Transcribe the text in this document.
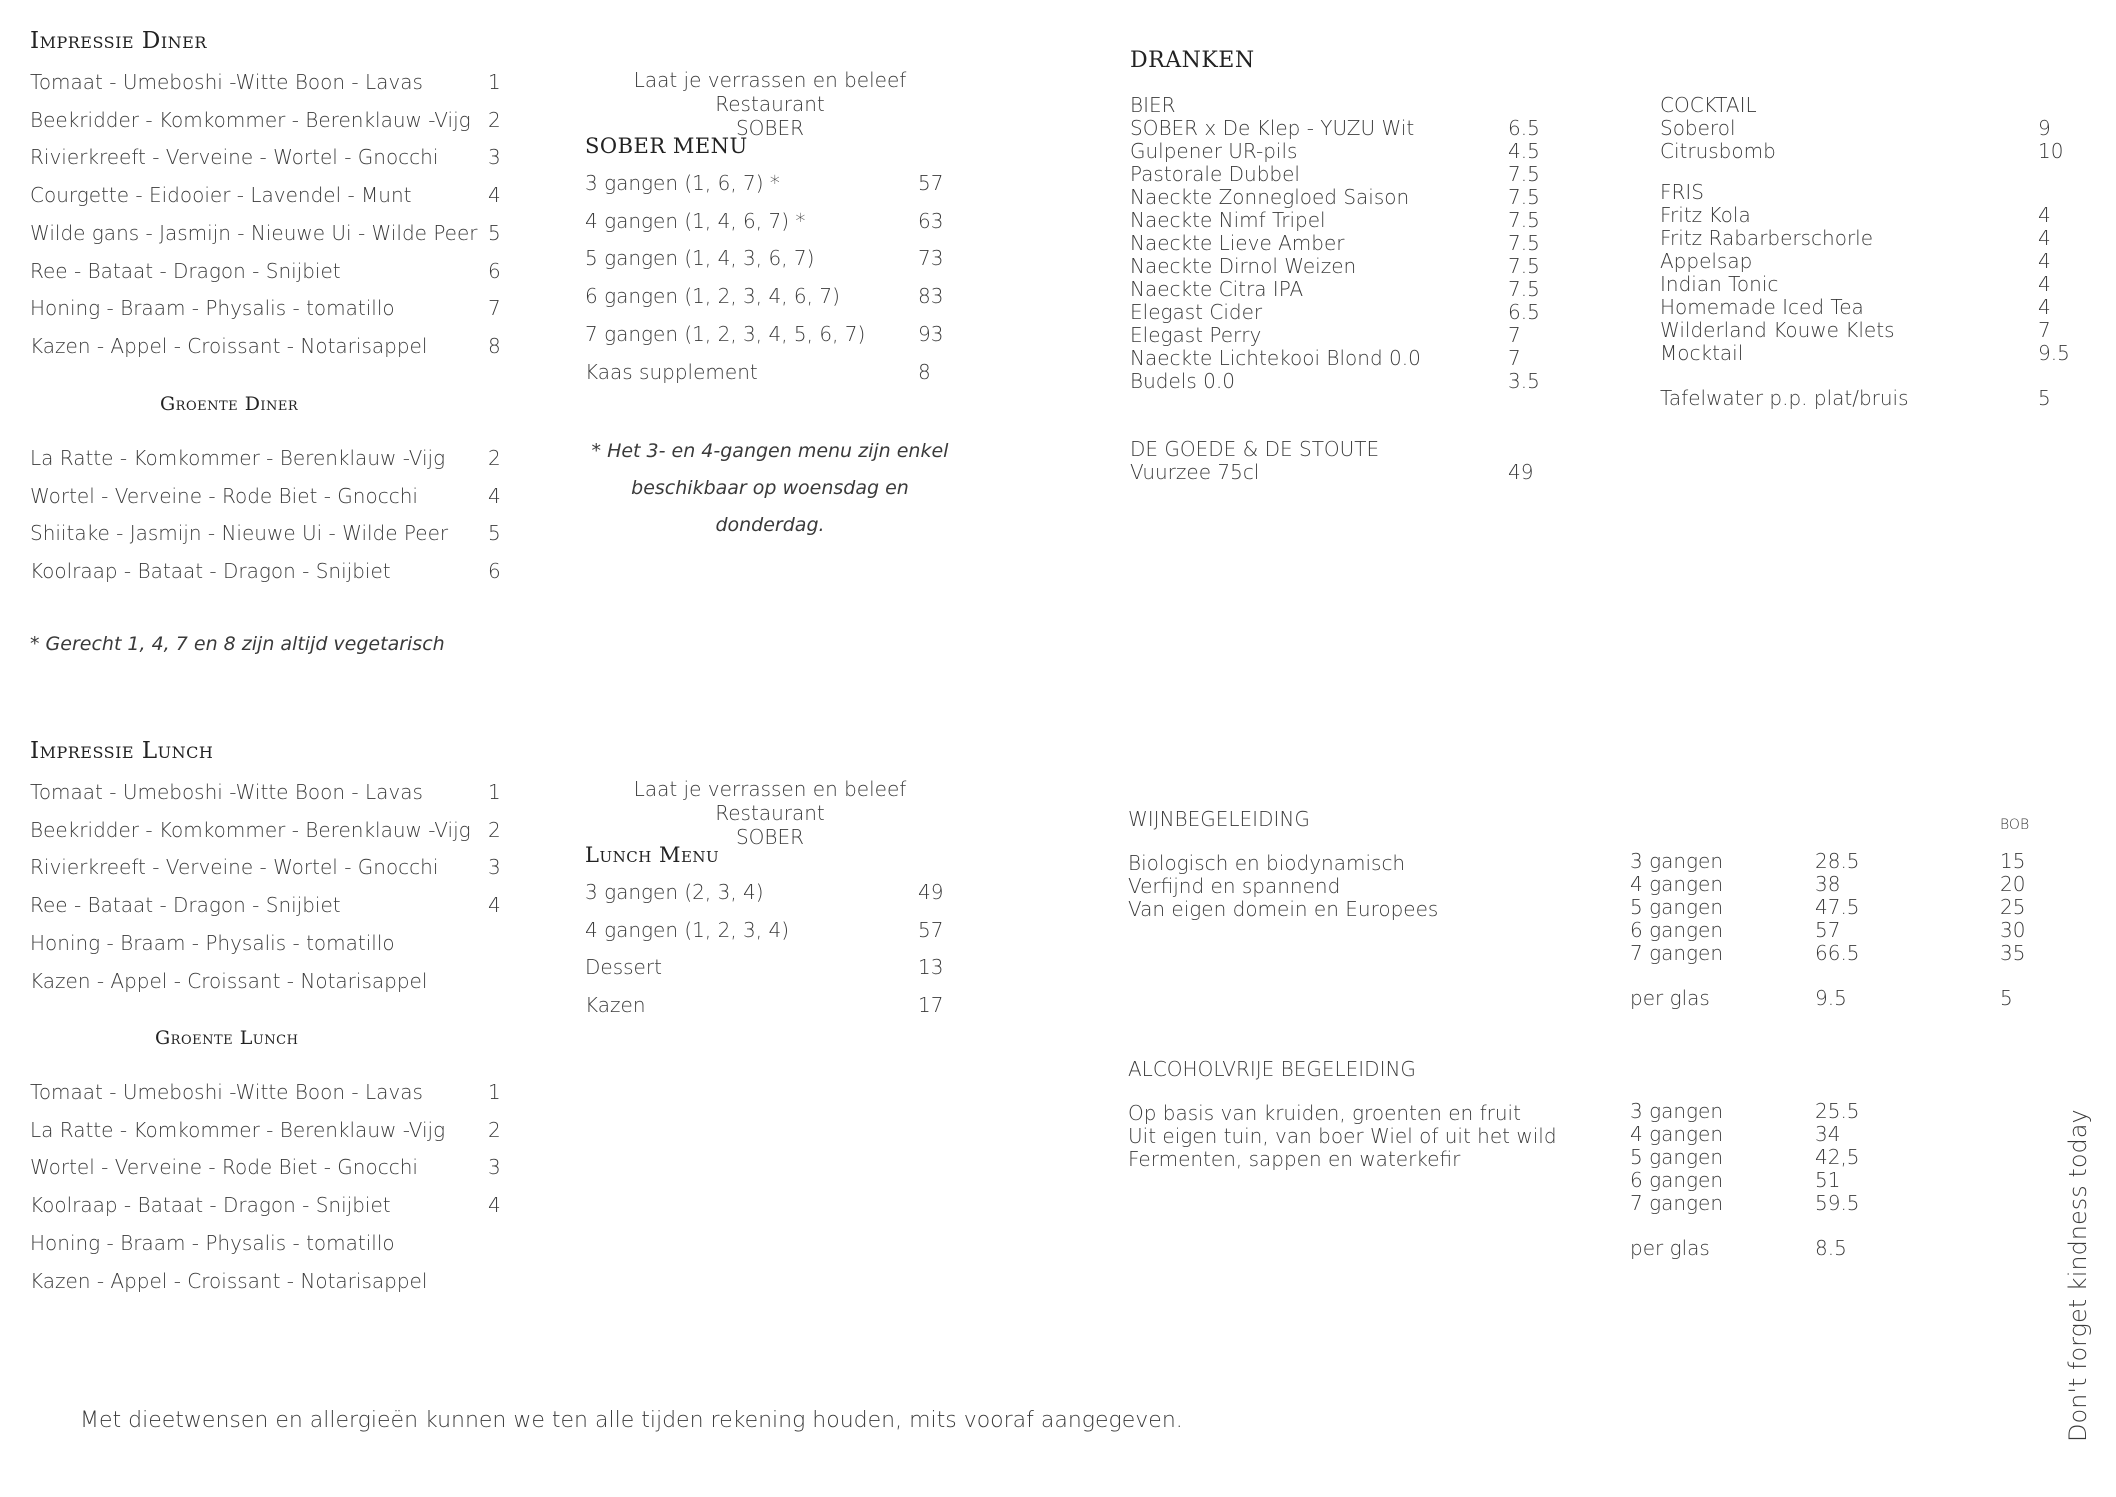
Impressie Diner
Tomaat - Umeboshi -Witte Boon - Lavas	1
Beekridder - Komkommer - Berenklauw -Vijg 2
Rivierkreeft - Verveine - Wortel - Gnocchi 3
Courgette - Eidooier - Lavendel - Munt	4
Wilde gans - Jasmijn - Nieuwe Ui - Wilde Peer 5
Ree - Bataat - Dragon - Snijbiet	6
Honing - Braam - Physalis - tomatillo	7
Kazen - Appel - Croissant - Notarisappel	8
Groente Diner
La Ratte - Komkommer - Berenklauw -Vijg 2
Wortel - Verveine - Rode Biet - Gnocchi	4
Shiitake - Jasmijn - Nieuwe Ui - Wilde Peer 5
Koolraap - Bataat - Dragon - Snijbiet	6
* Gerecht 1, 4, 7 en 8 zijn altijd vegetarisch
Laat je verrassen en beleef Restaurant
SOBER
SOBER MENU
3 gangen (1, 6, 7) *	57
4 gangen (1, 4, 6, 7) *	63
5 gangen (1, 4, 3, 6, 7)	73
6 gangen (1, 2, 3, 4, 6, 7)	83
7 gangen (1, 2, 3, 4, 5, 6, 7)	93
Kaas supplement	8
* Het 3- en 4-gangen menu zijn enkel
beschikbaar op woensdag en donderdag.
Impressie Lunch
Tomaat - Umeboshi -Witte Boon - Lavas	1
Beekridder - Komkommer - Berenklauw -Vijg 2
Rivierkreeft - Verveine - Wortel - Gnocchi 3
Ree - Bataat - Dragon - Snijbiet	4
Honing - Braam - Physalis - tomatillo
Kazen - Appel - Croissant - Notarisappel
Groente Lunch
Tomaat - Umeboshi -Witte Boon - Lavas	1
La Ratte - Komkommer - Berenklauw -Vijg 2
Wortel - Verveine - Rode Biet - Gnocchi	3
Koolraap - Bataat - Dragon - Snijbiet	4
Honing - Braam - Physalis - tomatillo
Kazen - Appel - Croissant - Notarisappel
Laat je verrassen en beleef Restaurant
SOBER
Lunch Menu
3 gangen (2, 3, 4)	49
4 gangen (1, 2, 3, 4)	57
Dessert	13
Kazen	17
DRANKEN
BIER
SOBER x De Klep - YUZU Wit	6.5
Gulpener UR-pils	4.5
Pastorale Dubbel	7.5
Naeckte Zonnegloed Saison	7.5
Naeckte Nimf Tripel	7.5
Naeckte Lieve Amber	7.5
Naeckte Dirnol Weizen	7.5
Naeckte Citra IPA	7.5
Elegast Cider	6.5
Elegast Perry	7
Naeckte Lichtekooi Blond 0.0	7
Budels 0.0	3.5
DE GOEDE & DE STOUTE
Vuurzee 75cl	49
COCKTAIL
Soberol	9
Citrusbomb	10
FRIS
Fritz Kola	4
Fritz Rabarberschorle	4
Appelsap	4
Indian Tonic	4
Homemade Iced Tea	4
Wilderland Kouwe Klets	7
Mocktail	9.5
Tafelwater p.p. plat/bruis	5
WIJNBEGELEIDING	BOB
Biologisch en biodynamisch
Verfijnd en spannend
Van eigen domein en Europees
3 gangen	28.5	15
4 gangen	38	20
5 gangen	47.5	25
6 gangen	57	30
7 gangen	66.5	35
per glas	9.5	5
ALCOHOLVRIJE BEGELEIDING
Op basis van kruiden, groenten en fruit
Uit eigen tuin, van boer Wiel of uit het wild
Fermenten, sappen en waterkefir
3 gangen	25.5
4 gangen	34
5 gangen	42,5
6 gangen	51
7 gangen	59.5
per glas	8.5
Met dieetwensen en allergieën kunnen we ten alle tijden rekening houden, mits vooraf aangegeven.	Don't forget kindness today
